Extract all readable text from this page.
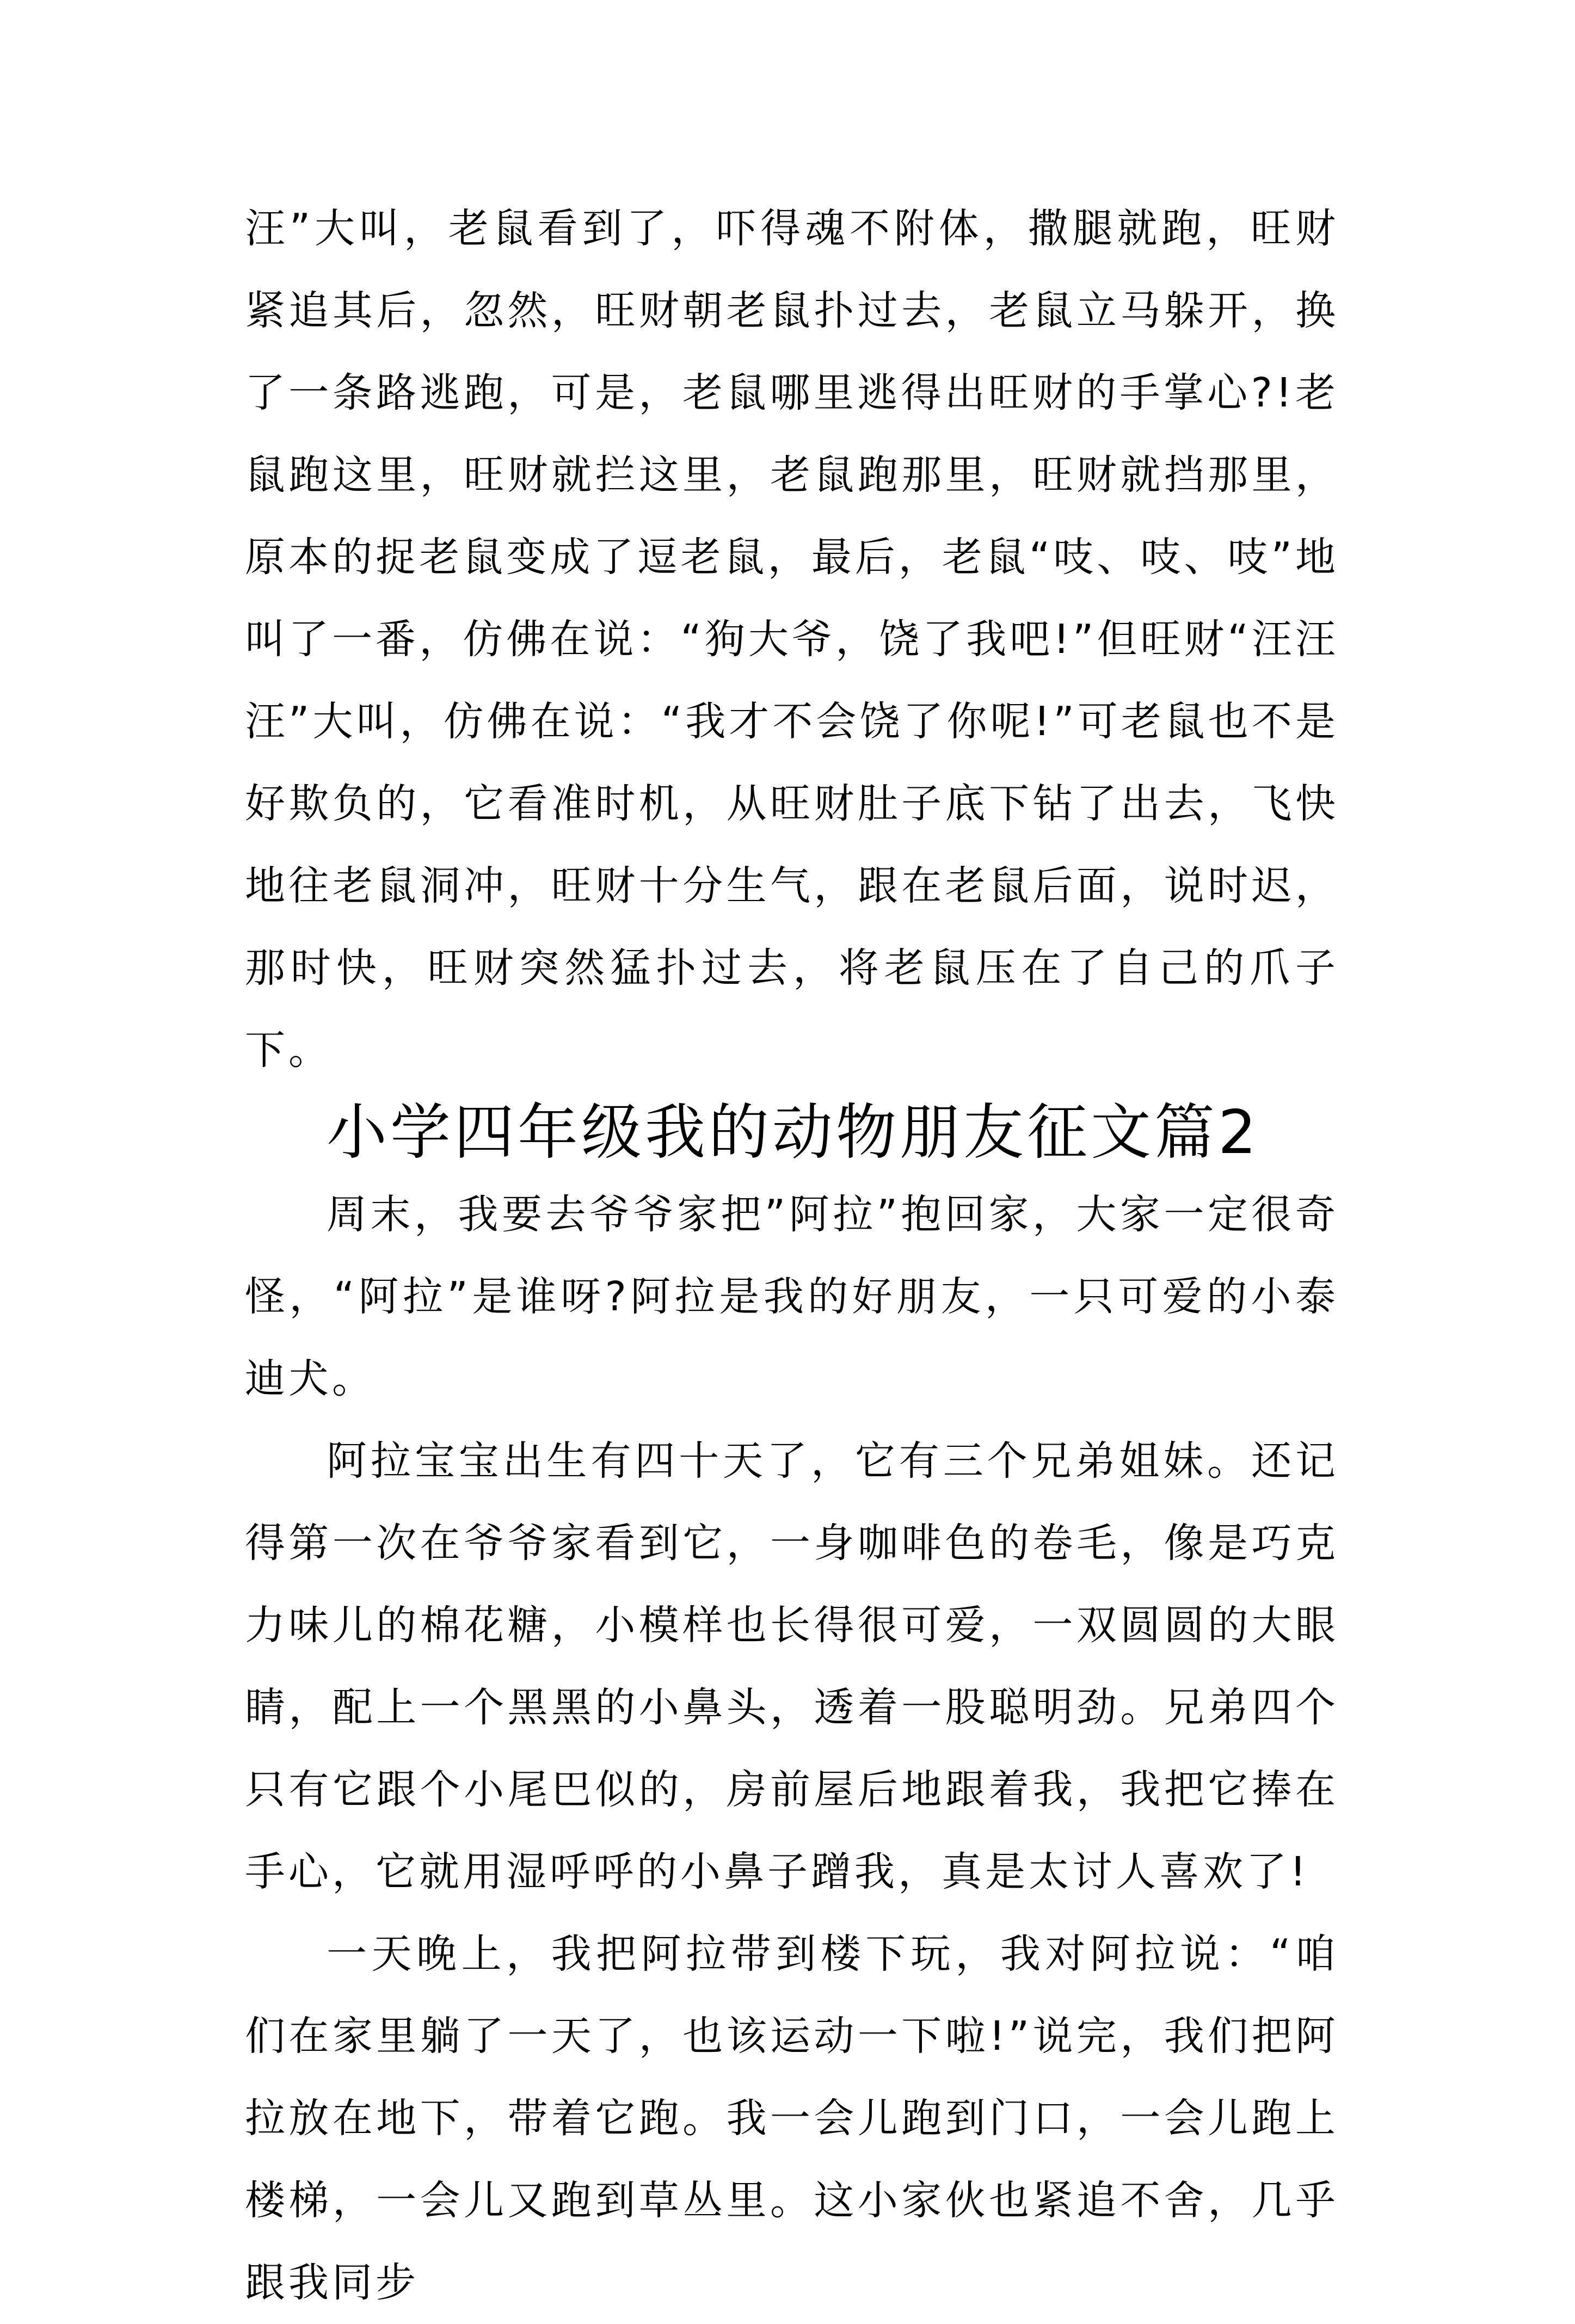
汪”大叫，老鼠看到了，吓得魂不附体，撒腿就跑，旺财紧追其后，忽然，旺财朝老鼠扑过去，老鼠立马躲开，换了一条路逃跑，可是，老鼠哪里逃得出旺财的手掌心?!老鼠跑这里，旺财就拦这里，老鼠跑那里，旺财就挡那里，原本的捉老鼠变成了逗老鼠，最后，老鼠“吱、吱、吱”地叫了一番，仿佛在说：“狗大爷，饶了我吧!”但旺财“汪汪汪”大叫，仿佛在说：“我才不会饶了你呢!”可老鼠也不是好欺负的，它看准时机，从旺财肚子底下钻了出去，飞快地往老鼠洞冲，旺财十分生气，跟在老鼠后面，说时迟，那时快，旺财突然猛扑过去，将老鼠压在了自己的爪子下。

小学四年级我的动物朋友征文篇2

周末，我要去爷爷家把”阿拉”抱回家，大家一定很奇怪，“阿拉”是谁呀?阿拉是我的好朋友，一只可爱的小泰迪犬。

阿拉宝宝出生有四十天了，它有三个兄弟姐妹。还记得第一次在爷爷家看到它，一身咖啡色的卷毛，像是巧克力味儿的棉花糖，小模样也长得很可爱，一双圆圆的大眼睛，配上一个黑黑的小鼻头，透着一股聪明劲。兄弟四个只有它跟个小尾巴似的，房前屋后地跟着我，我把它捧在手心，它就用湿呼呼的小鼻子蹭我，真是太讨人喜欢了!

一天晚上，我把阿拉带到楼下玩，我对阿拉说：“咱们在家里躺了一天了，也该运动一下啦!”说完，我们把阿拉放在地下，带着它跑。我一会儿跑到门口，一会儿跑上楼梯，一会儿又跑到草丛里。这小家伙也紧追不舍，几乎跟我同步
